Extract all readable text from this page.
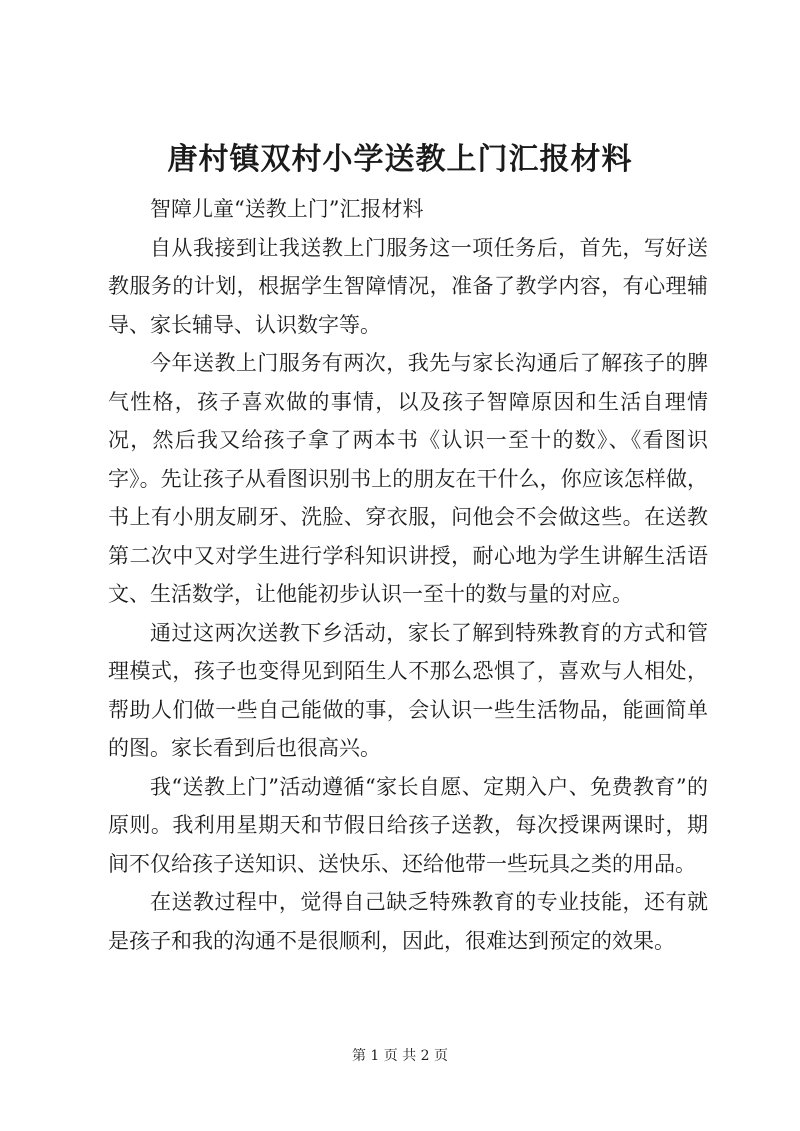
唐村镇双村小学送教上门汇报材料

智障儿童“送教上门”汇报材料

自从我接到让我送教上门服务这一项任务后，首先，写好送教服务的计划，根据学生智障情况，准备了教学内容，有心理辅导、家长辅导、认识数字等。

今年送教上门服务有两次，我先与家长沟通后了解孩子的脾气性格，孩子喜欢做的事情，以及孩子智障原因和生活自理情况，然后我又给孩子拿了两本书《认识一至十的数》、《看图识字》。先让孩子从看图识别书上的朋友在干什么，你应该怎样做，书上有小朋友刷牙、洗脸、穿衣服，问他会不会做这些。在送教第二次中又对学生进行学科知识讲授，耐心地为学生讲解生活语文、生活数学，让他能初步认识一至十的数与量的对应。

通过这两次送教下乡活动，家长了解到特殊教育的方式和管理模式，孩子也变得见到陌生人不那么恐惧了，喜欢与人相处，帮助人们做一些自己能做的事，会认识一些生活物品，能画简单的图。家长看到后也很高兴。

我“送教上门”活动遵循“家长自愿、定期入户、免费教育”的原则。我利用星期天和节假日给孩子送教，每次授课两课时，期间不仅给孩子送知识、送快乐、还给他带一些玩具之类的用品。

在送教过程中，觉得自己缺乏特殊教育的专业技能，还有就是孩子和我的沟通不是很顺利，因此，很难达到预定的效果。

第 1 页 共 2 页
